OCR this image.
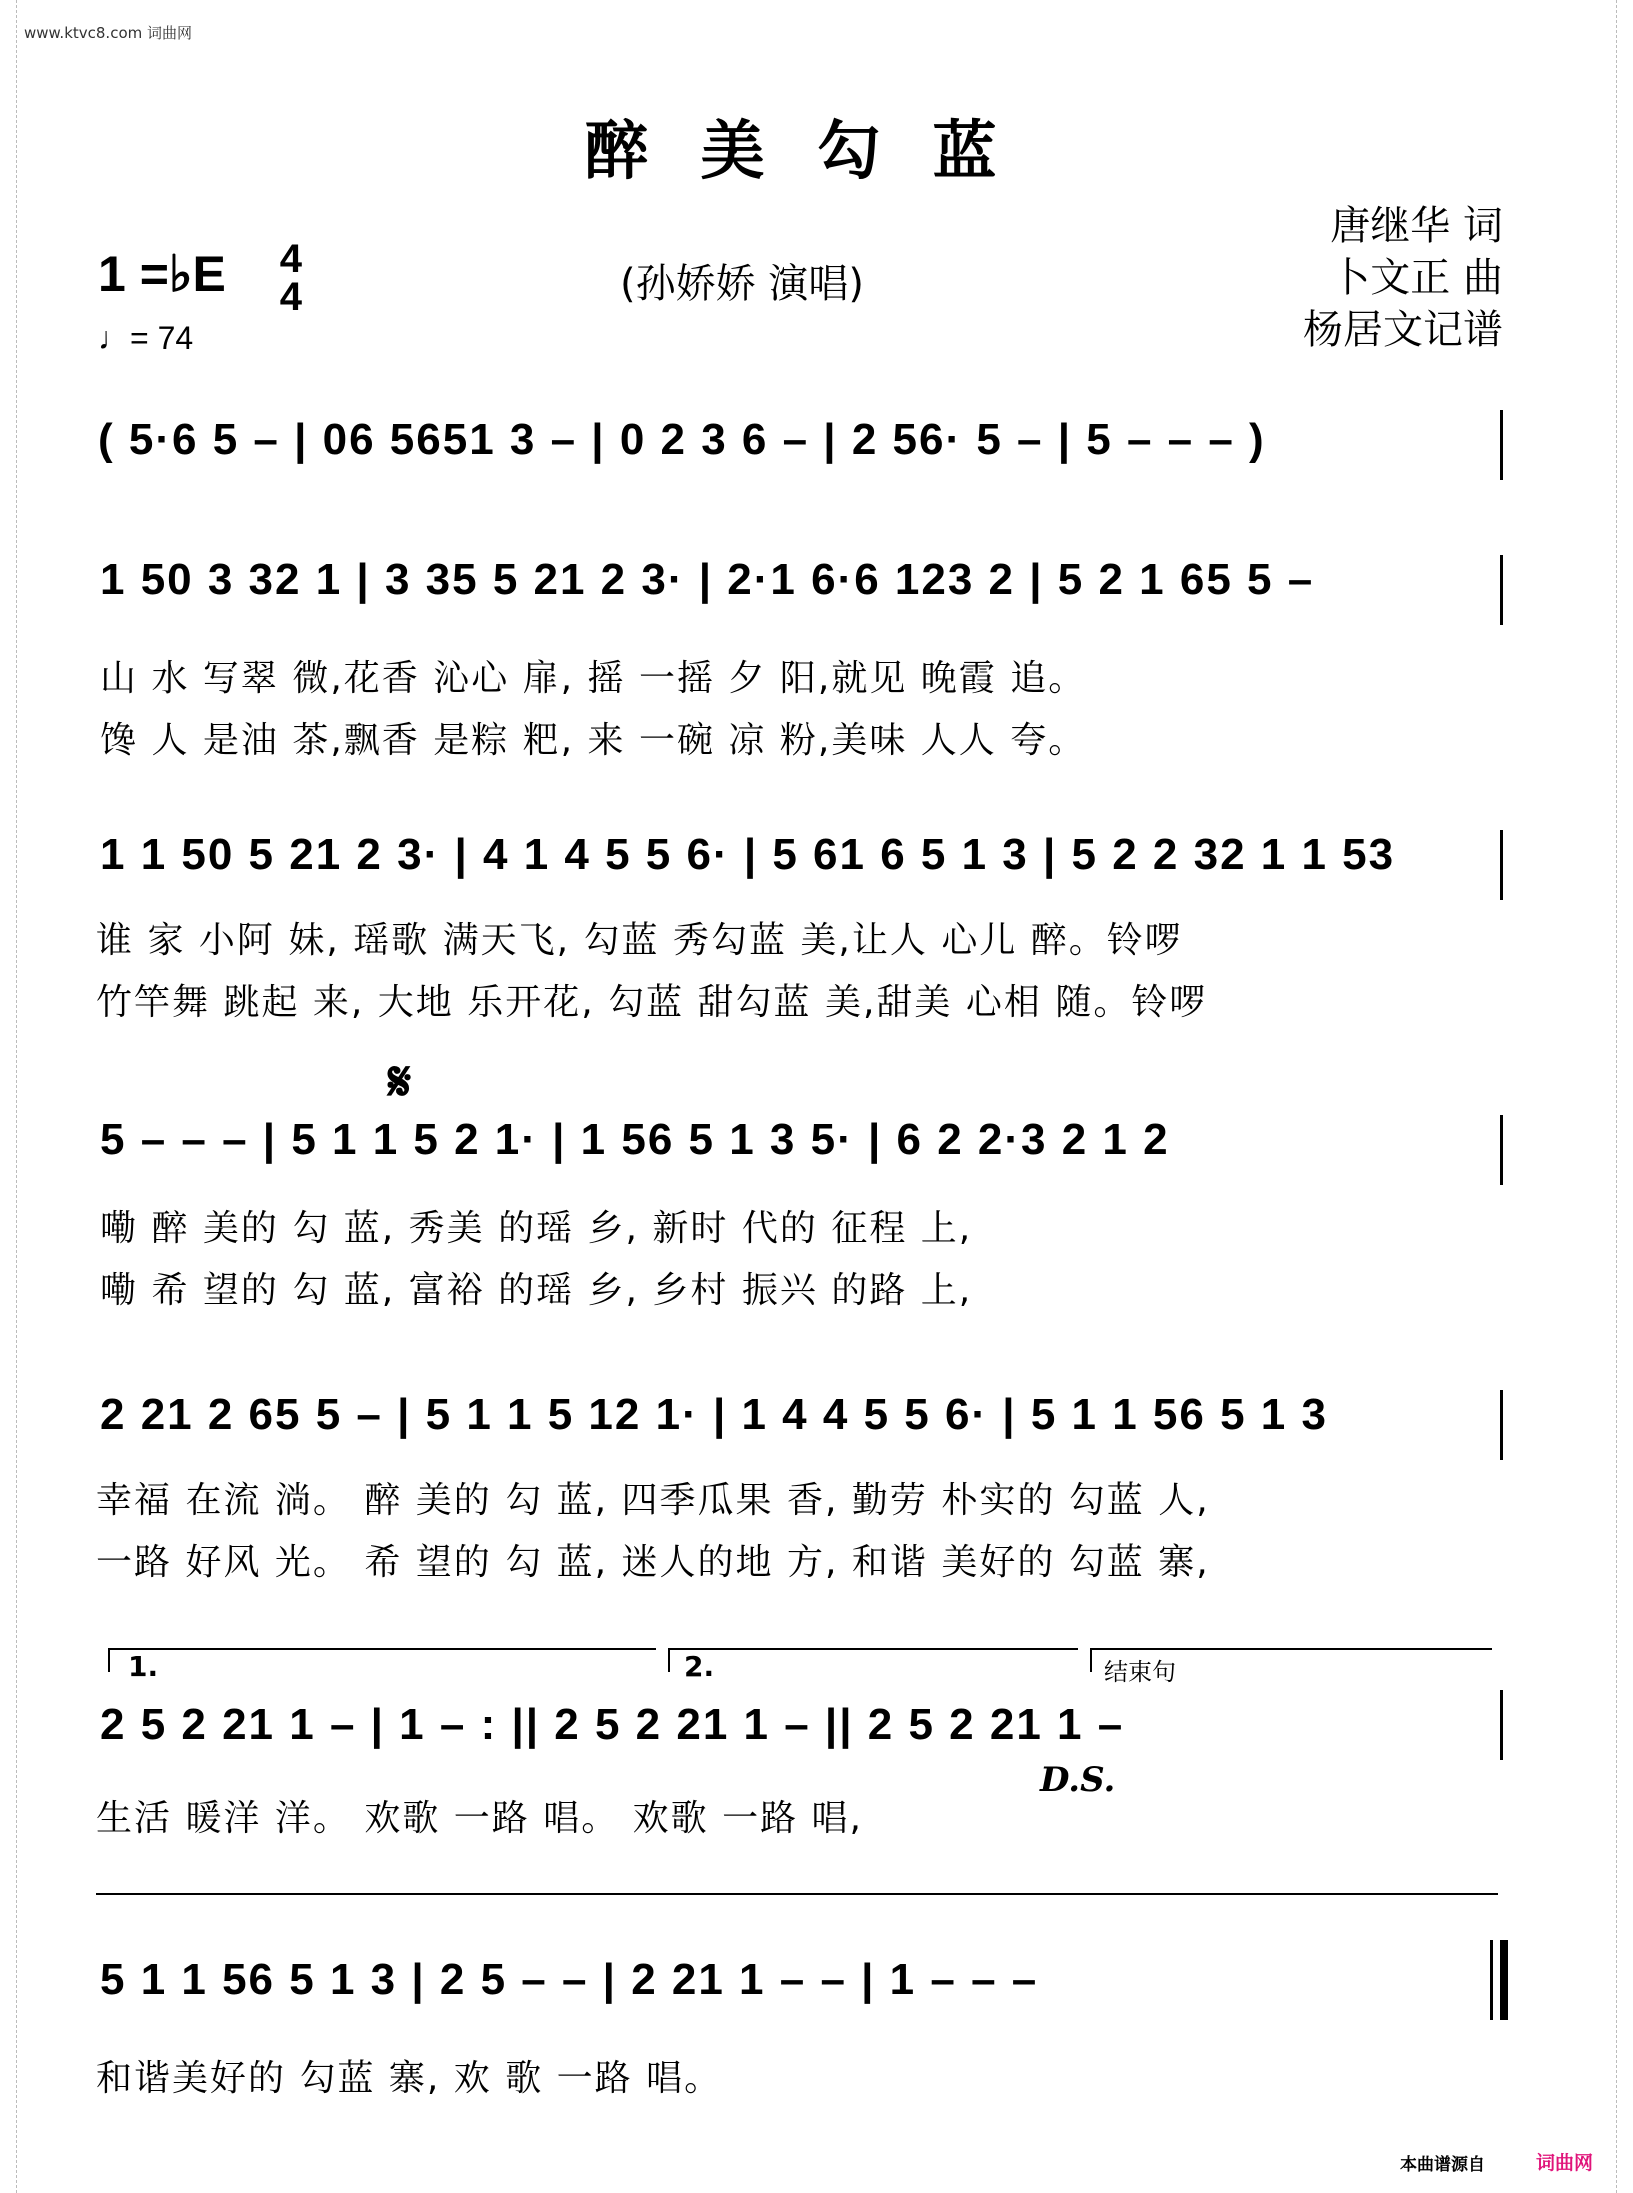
www.ktvc8.com 词曲网
醉美勾蓝
1 =♭E 4
4
♩= 74
(孙娇娇 演唱)
唐继华 词
卜文正 曲
杨居文记谱
( 5·6 5 – | 06 5651 3 – | 0 2 3 6 – | 2 56· 5 – | 5 – – – )
1 50 3 32 1 | 3 35 5 21 2 3· | 2·1 6·6 123 2 | 5 2 1 65 5 –
山 水 写翠 微,花香 沁心 扉, 摇 一摇 夕 阳,就见 晚霞 追。
馋 人 是油 茶,飘香 是粽 粑, 来 一碗 凉 粉,美味 人人 夸。
1 1 50 5 21 2 3· | 4 1 4 5 5 6· | 5 61 6 5 1 3 | 5 2 2 32 1 1 53
谁 家 小阿 妹, 瑶歌 满天飞, 勾蓝 秀勾蓝 美,让人 心儿 醉。铃啰
竹竿舞 跳起 来, 大地 乐开花, 勾蓝 甜勾蓝 美,甜美 心相 随。铃啰
𝄋
5 – – – | 5 1 1 5 2 1· | 1 56 5 1 3 5· | 6 2 2·3 2 1 2
嘞 醉 美的 勾 蓝, 秀美 的瑶 乡, 新时 代的 征程 上,
嘞 希 望的 勾 蓝, 富裕 的瑶 乡, 乡村 振兴 的路 上,
2 21 2 65 5 – | 5 1 1 5 12 1· | 1 4 4 5 5 6· | 5 1 1 56 5 1 3
幸福 在流 淌。 醉 美的 勾 蓝, 四季瓜果 香, 勤劳 朴实的 勾蓝 人,
一路 好风 光。 希 望的 勾 蓝, 迷人的地 方, 和谐 美好的 勾蓝 寨,
1.	2.	结束句
2 5 2 21 1 – | 1 – : || 2 5 2 21 1 – || 2 5 2 21 1 –
D.S.
生活 暖洋 洋。 欢歌 一路 唱。 欢歌 一路 唱,
5 1 1 56 5 1 3 | 2 5 – – | 2 21 1 – – | 1 – – –
和谐美好的 勾蓝 寨, 欢 歌 一路 唱。
本曲谱源自	词曲网
